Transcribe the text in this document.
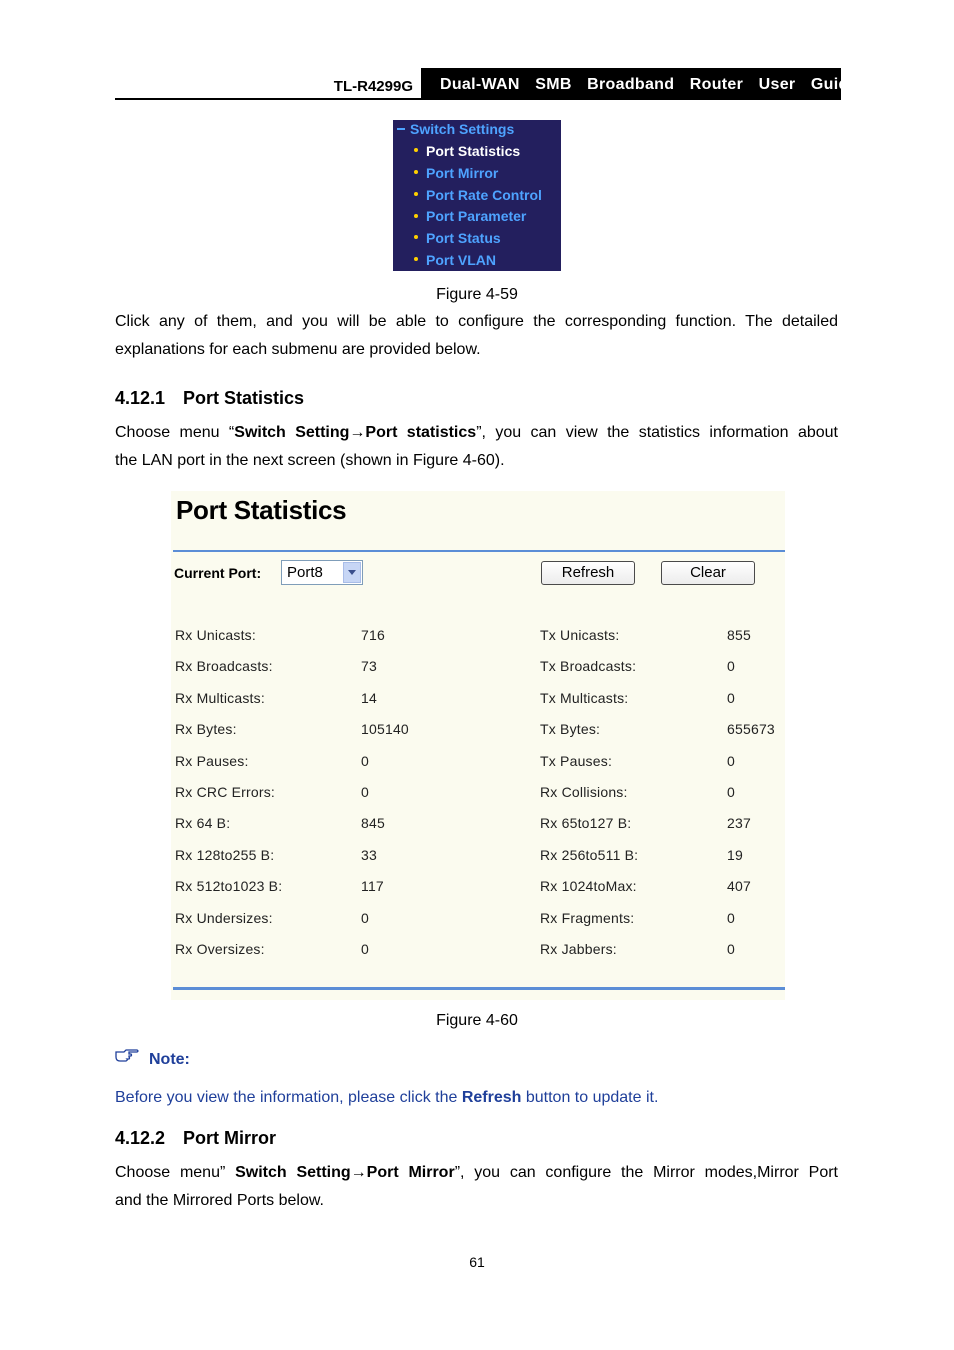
TL-R4299G	Dual-WAN  SMB  Broadband  Router  User  Guide
Switch Settings
Port Statistics
Port Mirror
Port Rate Control
Port Parameter
Port Status
Port VLAN
Figure 4-59
Click any of them, and you will be able to configure the corresponding function. The detailed
explanations for each submenu are provided below.
4.12.1 Port Statistics
Choose menu “Switch Setting→Port statistics”, you can view the statistics information about
the LAN port in the next screen (shown in Figure 4-60).
Port Statistics
Current Port: Port8	Refresh	Clear
Rx Unicasts:	716	Tx Unicasts:	855
Rx Broadcasts:	73	Tx Broadcasts:	0
Rx Multicasts:	14	Tx Multicasts:	0
Rx Bytes:	105140	Tx Bytes:	655673
Rx Pauses:	0	Tx Pauses:	0
Rx CRC Errors:	0	Rx Collisions:	0
Rx 64 B:	845	Rx 65to127 B:	237
Rx 128to255 B:	33	Rx 256to511 B:	19
Rx 512to1023 B:	117	Rx 1024toMax:	407
Rx Undersizes:	0	Rx Fragments:	0
Rx Oversizes:	0	Rx Jabbers:	0
Figure 4-60
Note:
Before you view the information, please click the Refresh button to update it.
4.12.2 Port Mirror
Choose menu” Switch Setting→Port Mirror”, you can configure the Mirror modes,Mirror Port
and the Mirrored Ports below.
61
